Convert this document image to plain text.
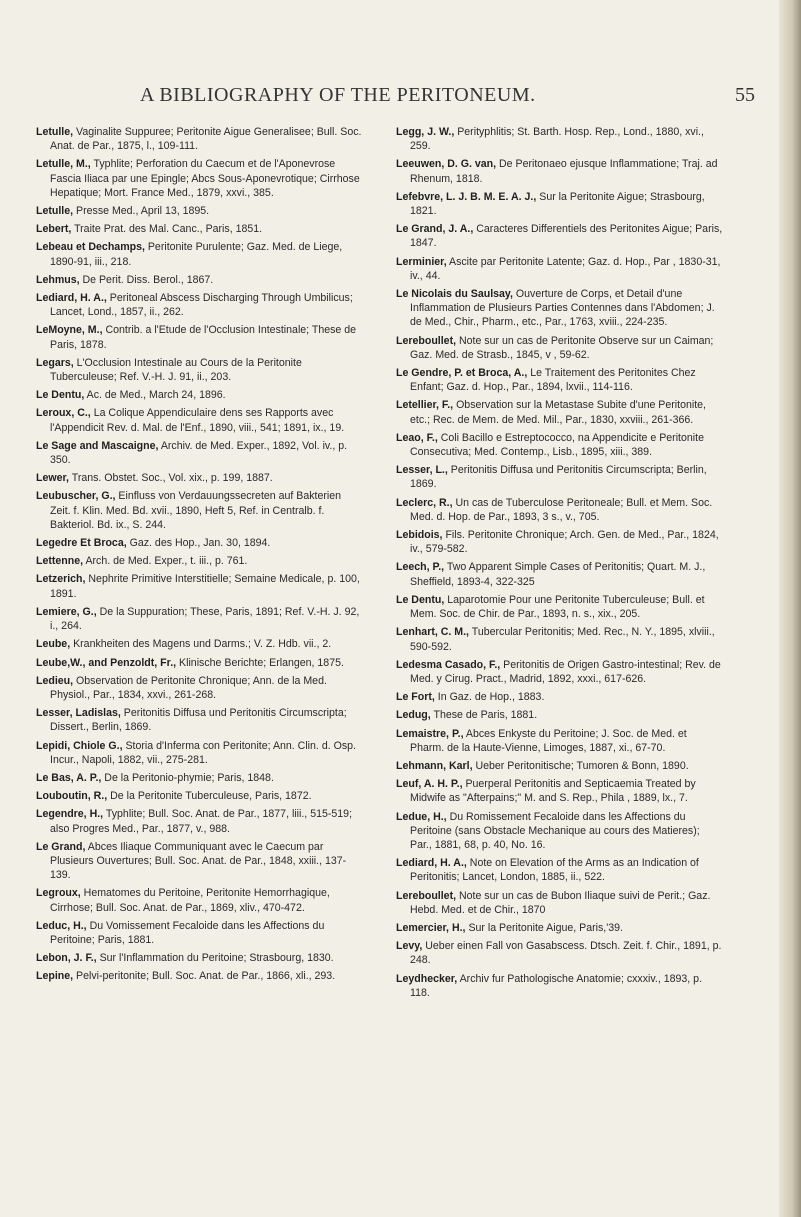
A BIBLIOGRAPHY OF THE PERITONEUM.	55

Letulle, Vaginalite Suppuree; Peritonite Aigue Generalisee; Bull. Soc. Anat. de Par., 1875, l., 109-111.

Letulle, M., Typhlite; Perforation du Caecum et de l'Aponevrose Fascia Iliaca par une Epingle; Abcs Sous-Aponevrotique; Cirrhose Hepatique; Mort. France Med., 1879, xxvi., 385.

Letulle, Presse Med., April 13, 1895.

Lebert, Traite Prat. des Mal. Canc., Paris, 1851.

Lebeau et Dechamps, Peritonite Purulente; Gaz. Med. de Liege, 1890-91, iii., 218.

Lehmus, De Perit. Diss. Berol., 1867.

Lediard, H. A., Peritoneal Abscess Discharging Through Umbilicus; Lancet, Lond., 1857, ii., 262.

LeMoyne, M., Contrib. a l'Etude de l'Occlusion Intestinale; These de Paris, 1878.

Legars, L'Occlusion Intestinale au Cours de la Peritonite Tuberculeuse; Ref. V.-H. J. 91, ii., 203.

Le Dentu, Ac. de Med., March 24, 1896.

Leroux, C., La Colique Appendiculaire dens ses Rapports avec l'Appendicit Rev. d. Mal. de l'Enf., 1890, viii., 541; 1891, ix., 19.

Le Sage and Mascaigne, Archiv. de Med. Exper., 1892, Vol. iv., p. 350.

Lewer, Trans. Obstet. Soc., Vol. xix., p. 199, 1887.

Leubuscher, G., Einfluss von Verdauungssecreten auf Bakterien Zeit. f. Klin. Med. Bd. xvii., 1890, Heft 5, Ref. in Centralb. f. Bakteriol. Bd. ix., S. 244.

Legedre Et Broca, Gaz. des Hop., Jan. 30, 1894.

Lettenne, Arch. de Med. Exper., t. iii., p. 761.

Letzerich, Nephrite Primitive Interstitielle; Semaine Medicale, p. 100, 1891.

Lemiere, G., De la Suppuration; These, Paris, 1891; Ref. V.-H. J. 92, i., 264.

Leube, Krankheiten des Magens und Darms.; V. Z. Hdb. vii., 2.

Leube,W., and Penzoldt, Fr., Klinische Berichte; Erlangen, 1875.

Ledieu, Observation de Peritonite Chronique; Ann. de la Med. Physiol., Par., 1834, xxvi., 261-268.

Lesser, Ladislas, Peritonitis Diffusa und Peritonitis Circumscripta; Dissert., Berlin, 1869.

Lepidi, Chiole G., Storia d'Inferma con Peritonite; Ann. Clin. d. Osp. Incur., Napoli, 1882, vii., 275-281.

Le Bas, A. P., De la Peritonio-phymie; Paris, 1848.

Louboutin, R., De la Peritonite Tuberculeuse, Paris, 1872.

Legendre, H., Typhlite; Bull. Soc. Anat. de Par., 1877, liii., 515-519; also Progres Med., Par., 1877, v., 988.

Le Grand, Abces Iliaque Communiquant avec le Caecum par Plusieurs Ouvertures; Bull. Soc. Anat. de Par., 1848, xxiii., 137-139.

Legroux, Hematomes du Peritoine, Peritonite Hemorrhagique, Cirrhose; Bull. Soc. Anat. de Par., 1869, xliv., 470-472.

Leduc, H., Du Vomissement Fecaloide dans les Affections du Peritoine; Paris, 1881.

Lebon, J. F., Sur l'Inflammation du Peritoine; Strasbourg, 1830.

Lepine, Pelvi-peritonite; Bull. Soc. Anat. de Par., 1866, xli., 293.

Legg, J. W., Perityphlitis; St. Barth. Hosp. Rep., Lond., 1880, xvi., 259.

Leeuwen, D. G. van, De Peritonaeo ejusque Inflammatione; Traj. ad Rhenum, 1818.

Lefebvre, L. J. B. M. E. A. J., Sur la Peritonite Aigue; Strasbourg, 1821.

Le Grand, J. A., Caracteres Differentiels des Peritonites Aigue; Paris, 1847.

Lerminier, Ascite par Peritonite Latente; Gaz. d. Hop., Par , 1830-31, iv., 44.

Le Nicolais du Saulsay, Ouverture de Corps, et Detail d'une Inflammation de Plusieurs Parties Contennes dans l'Abdomen; J. de Med., Chir., Pharm., etc., Par., 1763, xviii., 224-235.

Lereboullet, Note sur un cas de Peritonite Observe sur un Caiman; Gaz. Med. de Strasb., 1845, v , 59-62.

Le Gendre, P. et Broca, A., Le Traitement des Peritonites Chez Enfant; Gaz. d. Hop., Par., 1894, lxvii., 114-116.

Letellier, F., Observation sur la Metastase Subite d'une Peritonite, etc.; Rec. de Mem. de Med. Mil., Par., 1830, xxviii., 261-366.

Leao, F., Coli Bacillo e Estreptococco, na Appendicite e Peritonite Consecutiva; Med. Contemp., Lisb., 1895, xiii., 389.

Lesser, L., Peritonitis Diffusa und Peritonitis Circumscripta; Berlin, 1869.

Leclerc, R., Un cas de Tuberculose Peritoneale; Bull. et Mem. Soc. Med. d. Hop. de Par., 1893, 3 s., v., 705.

Lebidois, Fils. Peritonite Chronique; Arch. Gen. de Med., Par., 1824, iv., 579-582.

Leech, P., Two Apparent Simple Cases of Peritonitis; Quart. M. J., Sheffield, 1893-4, 322-325

Le Dentu, Laparotomie Pour une Peritonite Tuberculeuse; Bull. et Mem. Soc. de Chir. de Par., 1893, n. s., xix., 205.

Lenhart, C. M., Tubercular Peritonitis; Med. Rec., N. Y., 1895, xlviii., 590-592.

Ledesma Casado, F., Peritonitis de Origen Gastro-intestinal; Rev. de Med. y Cirug. Pract., Madrid, 1892, xxxi., 617-626.

Le Fort, In Gaz. de Hop., 1883.

Ledug, These de Paris, 1881.

Lemaistre, P., Abces Enkyste du Peritoine; J. Soc. de Med. et Pharm. de la Haute-Vienne, Limoges, 1887, xi., 67-70.

Lehmann, Karl, Ueber Peritonitische; Tumoren & Bonn, 1890.

Leuf, A. H. P., Puerperal Peritonitis and Septicaemia Treated by Midwife as "Afterpains;" M. and S. Rep., Phila , 1889, lx., 7.

Ledue, H., Du Romissement Fecaloide dans les Affections du Peritoine (sans Obstacle Mechanique au cours des Matieres); Par., 1881, 68, p. 40, No. 16.

Lediard, H. A., Note on Elevation of the Arms as an Indication of Peritonitis; Lancet, London, 1885, ii., 522.

Lereboullet, Note sur un cas de Bubon Iliaque suivi de Perit.; Gaz. Hebd. Med. et de Chir., 1870

Lemercier, H., Sur la Peritonite Aigue, Paris,'39.

Levy, Ueber einen Fall von Gasabscess. Dtsch. Zeit. f. Chir., 1891, p. 248.

Leydhecker, Archiv fur Pathologische Anatomie; cxxxiv., 1893, p. 118.
